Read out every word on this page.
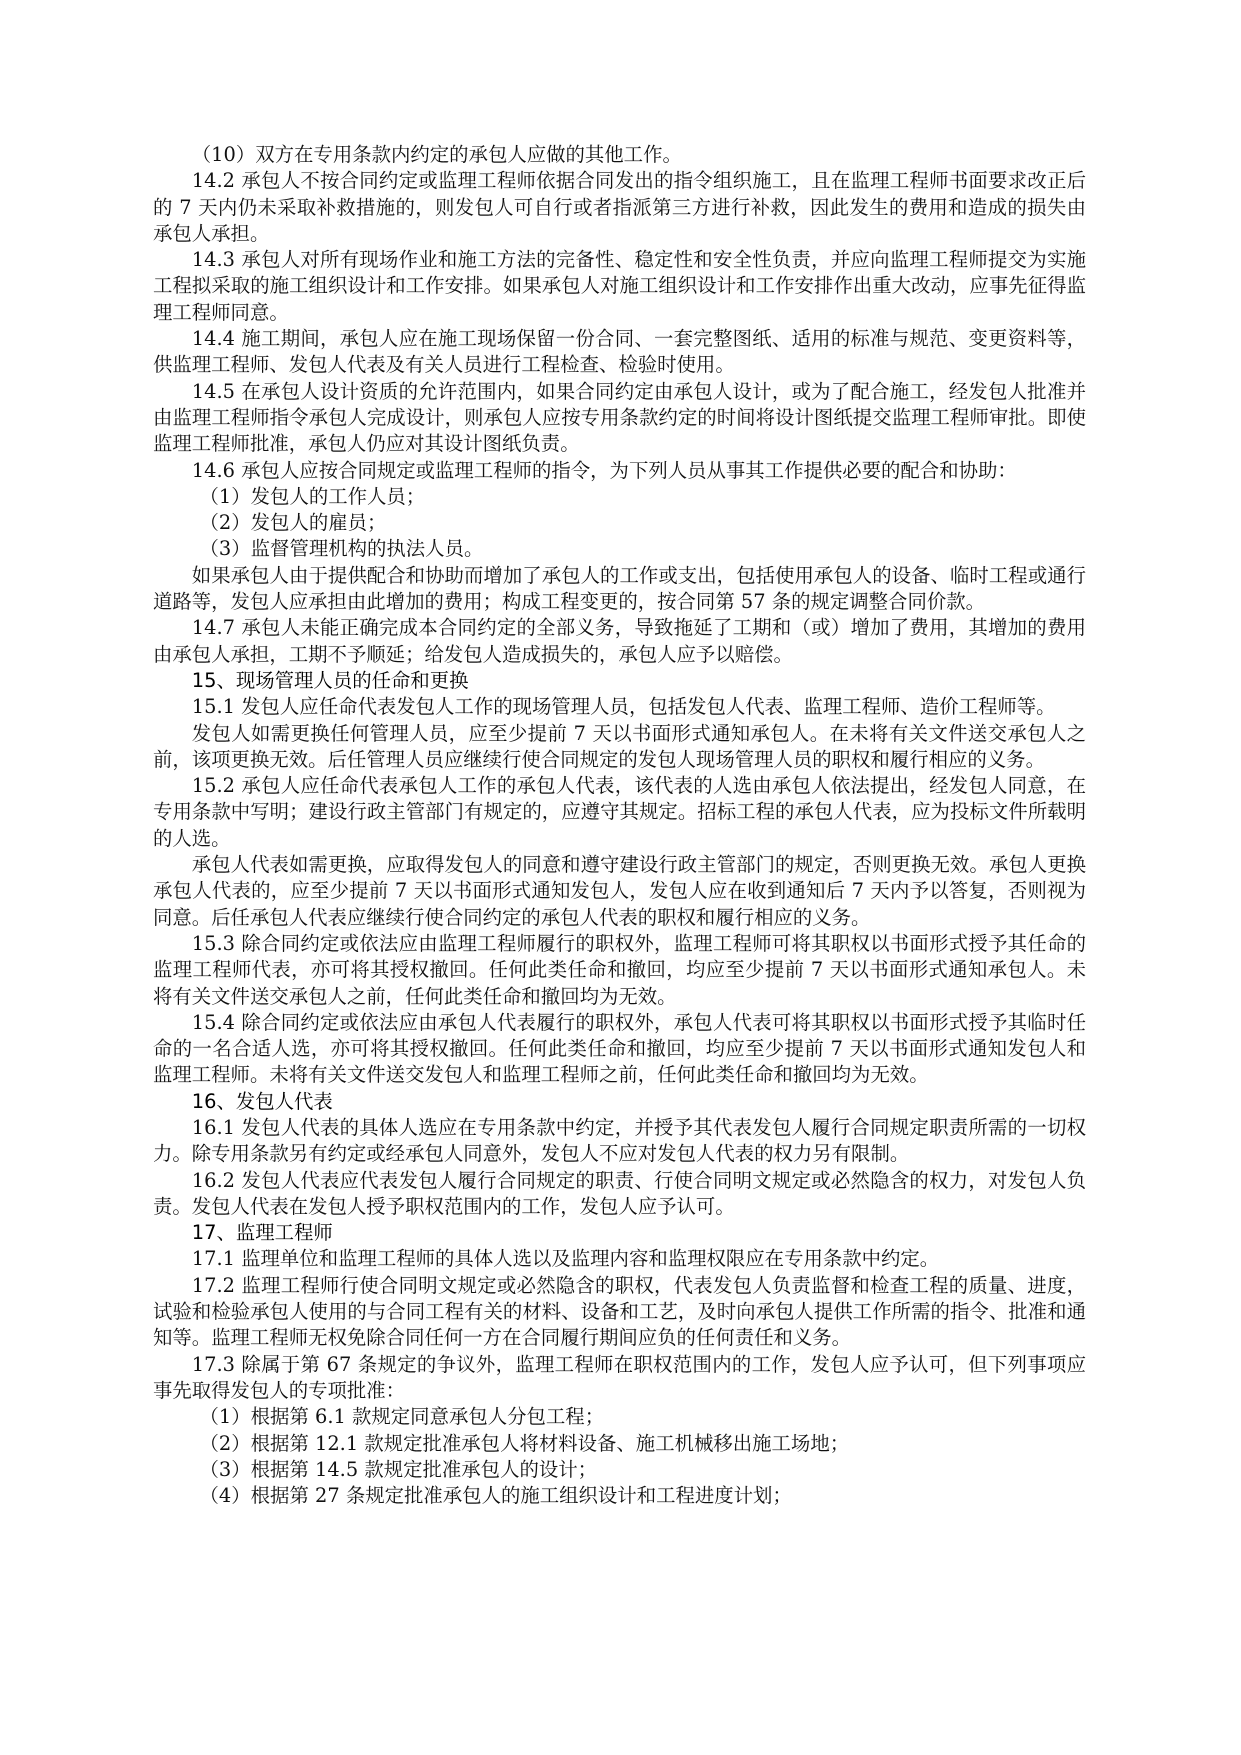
（10）双方在专用条款内约定的承包人应做的其他工作。

14.2 承包人不按合同约定或监理工程师依据合同发出的指令组织施工，且在监理工程师书面要求改正后的 7 天内仍未采取补救措施的，则发包人可自行或者指派第三方进行补救，因此发生的费用和造成的损失由承包人承担。

14.3 承包人对所有现场作业和施工方法的完备性、稳定性和安全性负责，并应向监理工程师提交为实施工程拟采取的施工组织设计和工作安排。如果承包人对施工组织设计和工作安排作出重大改动，应事先征得监理工程师同意。

14.4 施工期间，承包人应在施工现场保留一份合同、一套完整图纸、适用的标准与规范、变更资料等，供监理工程师、发包人代表及有关人员进行工程检查、检验时使用。

14.5 在承包人设计资质的允许范围内，如果合同约定由承包人设计，或为了配合施工，经发包人批准并由监理工程师指令承包人完成设计，则承包人应按专用条款约定的时间将设计图纸提交监理工程师审批。即使监理工程师批准，承包人仍应对其设计图纸负责。

14.6 承包人应按合同规定或监理工程师的指令，为下列人员从事其工作提供必要的配合和协助：

（1）发包人的工作人员；

（2）发包人的雇员；

（3）监督管理机构的执法人员。

如果承包人由于提供配合和协助而增加了承包人的工作或支出，包括使用承包人的设备、临时工程或通行道路等，发包人应承担由此增加的费用；构成工程变更的，按合同第 57 条的规定调整合同价款。

14.7 承包人未能正确完成本合同约定的全部义务，导致拖延了工期和（或）增加了费用，其增加的费用由承包人承担，工期不予顺延；给发包人造成损失的，承包人应予以赔偿。

15、现场管理人员的任命和更换

15.1 发包人应任命代表发包人工作的现场管理人员，包括发包人代表、监理工程师、造价工程师等。

发包人如需更换任何管理人员，应至少提前 7 天以书面形式通知承包人。在未将有关文件送交承包人之前，该项更换无效。后任管理人员应继续行使合同规定的发包人现场管理人员的职权和履行相应的义务。

15.2 承包人应任命代表承包人工作的承包人代表，该代表的人选由承包人依法提出，经发包人同意，在专用条款中写明；建设行政主管部门有规定的，应遵守其规定。招标工程的承包人代表，应为投标文件所载明的人选。

承包人代表如需更换，应取得发包人的同意和遵守建设行政主管部门的规定，否则更换无效。承包人更换承包人代表的，应至少提前 7 天以书面形式通知发包人，发包人应在收到通知后 7 天内予以答复，否则视为同意。后任承包人代表应继续行使合同约定的承包人代表的职权和履行相应的义务。

15.3 除合同约定或依法应由监理工程师履行的职权外，监理工程师可将其职权以书面形式授予其任命的监理工程师代表，亦可将其授权撤回。任何此类任命和撤回，均应至少提前 7 天以书面形式通知承包人。未将有关文件送交承包人之前，任何此类任命和撤回均为无效。

15.4 除合同约定或依法应由承包人代表履行的职权外，承包人代表可将其职权以书面形式授予其临时任命的一名合适人选，亦可将其授权撤回。任何此类任命和撤回，均应至少提前 7 天以书面形式通知发包人和监理工程师。未将有关文件送交发包人和监理工程师之前，任何此类任命和撤回均为无效。

16、发包人代表

16.1 发包人代表的具体人选应在专用条款中约定，并授予其代表发包人履行合同规定职责所需的一切权力。除专用条款另有约定或经承包人同意外，发包人不应对发包人代表的权力另有限制。

16.2 发包人代表应代表发包人履行合同规定的职责、行使合同明文规定或必然隐含的权力，对发包人负责。发包人代表在发包人授予职权范围内的工作，发包人应予认可。

17、监理工程师

17.1 监理单位和监理工程师的具体人选以及监理内容和监理权限应在专用条款中约定。

17.2 监理工程师行使合同明文规定或必然隐含的职权，代表发包人负责监督和检查工程的质量、进度，试验和检验承包人使用的与合同工程有关的材料、设备和工艺，及时向承包人提供工作所需的指令、批准和通知等。监理工程师无权免除合同任何一方在合同履行期间应负的任何责任和义务。

17.3 除属于第 67 条规定的争议外，监理工程师在职权范围内的工作，发包人应予认可，但下列事项应事先取得发包人的专项批准：

（1）根据第 6.1 款规定同意承包人分包工程；

（2）根据第 12.1 款规定批准承包人将材料设备、施工机械移出施工场地；

（3）根据第 14.5 款规定批准承包人的设计；

（4）根据第 27 条规定批准承包人的施工组织设计和工程进度计划；
